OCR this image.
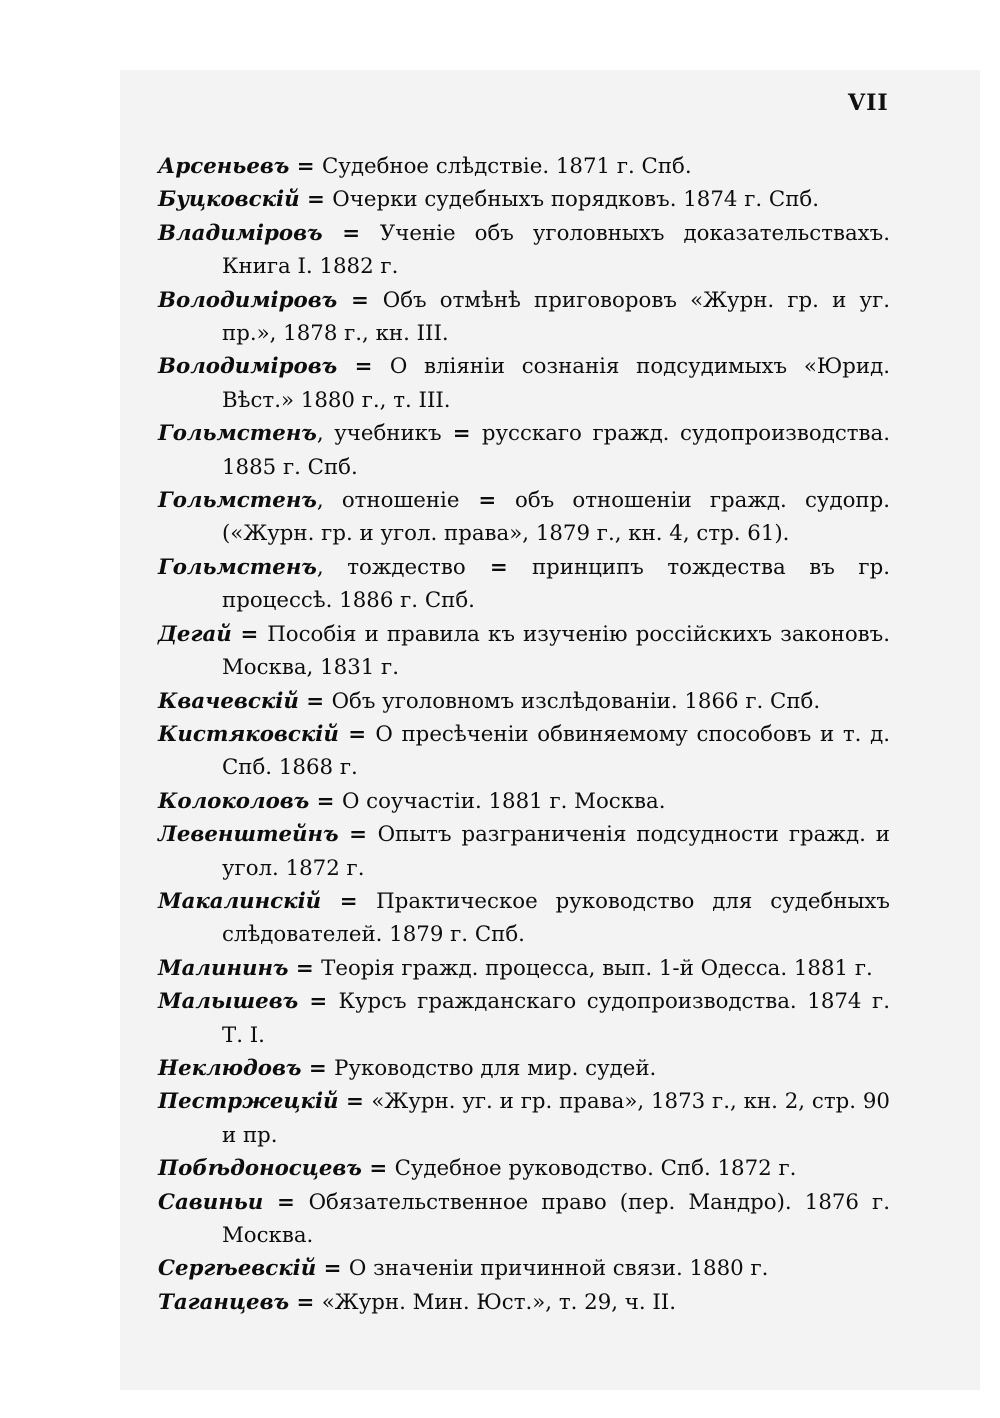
VII

Арсеньевъ = Судебное слѣдствіе. 1871 г. Спб.

Буцковскій = Очерки судебныхъ порядковъ. 1874 г. Спб.

Владиміровъ = Ученіе объ уголовныхъ доказательствахъ. Книга I. 1882 г.

Володиміровъ = Объ отмѣнѣ приговоровъ «Журн. гр. и уг. пр.», 1878 г., кн. III.

Володиміровъ = О вліяніи сознанія подсудимыхъ «Юрид. Вѣст.» 1880 г., т. III.

Гольмстенъ, учебникъ = русскаго гражд. судопроизводства. 1885 г. Спб.

Гольмстенъ, отношеніе = объ отношеніи гражд. судопр. («Журн. гр. и угол. права», 1879 г., кн. 4, стр. 61).

Гольмстенъ, тождество = принципъ тождества въ гр. процессѣ. 1886 г. Спб.

Дегай = Пособія и правила къ изученію россійскихъ законовъ. Москва, 1831 г.

Квачевскій = Объ уголовномъ изслѣдованіи. 1866 г. Спб.

Кистяковскій = О пресѣченіи обвиняемому способовъ и т. д. Спб. 1868 г.

Колоколовъ = О соучастіи. 1881 г. Москва.

Левенштейнъ = Опытъ разграниченія подсудности гражд. и угол. 1872 г.

Макалинскій = Практическое руководство для судебныхъ слѣдователей. 1879 г. Спб.

Малининъ = Теорія гражд. процесса, вып. 1-й Одесса. 1881 г.

Малышевъ = Курсъ гражданскаго судопроизводства. 1874 г. Т. I.

Неклюдовъ = Руководство для мир. судей.

Пестржецкій = «Журн. уг. и гр. права», 1873 г., кн. 2, стр. 90 и пр.

Побѣдоносцевъ = Судебное руководство. Спб. 1872 г.

Савиньи = Обязательственное право (пер. Мандро). 1876 г. Москва.

Сергѣевскій = О значеніи причинной связи. 1880 г.

Таганцевъ = «Журн. Мин. Юст.», т. 29, ч. II.
